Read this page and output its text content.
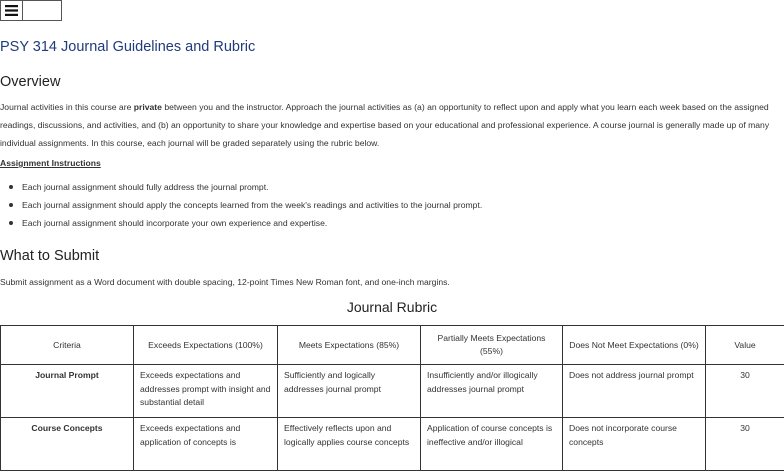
PSY 314 Journal Guidelines and Rubric
Overview

Journal activities in this course are private between you and the instructor. Approach the journal activities as (a) an opportunity to reflect upon and apply what you learn each week based on the assigned readings, discussions, and activities, and (b) an opportunity to share your knowledge and expertise based on your educational and professional experience. A course journal is generally made up of many individual assignments. In this course, each journal will be graded separately using the rubric below.

Assignment Instructions
Each journal assignment should fully address the journal prompt.
Each journal assignment should apply the concepts learned from the week's readings and activities to the journal prompt.
Each journal assignment should incorporate your own experience and expertise.
What to Submit

Submit assignment as a Word document with double spacing, 12-point Times New Roman font, and one-inch margins.

Journal Rubric
Criteria	Exceeds Expectations (100%)	Meets Expectations (85%)	Partially Meets Expectations (55%)	Does Not Meet Expectations (0%)	Value
Journal Prompt	Exceeds expectations and addresses prompt with insight and substantial detail	Sufficiently and logically addresses journal prompt	Insufficiently and/or illogically addresses journal prompt	Does not address journal prompt	30
Course Concepts	Exceeds expectations and application of concepts is	Effectively reflects upon and logically applies course concepts	Application of course concepts is ineffective and/or illogical	Does not incorporate course concepts	30
